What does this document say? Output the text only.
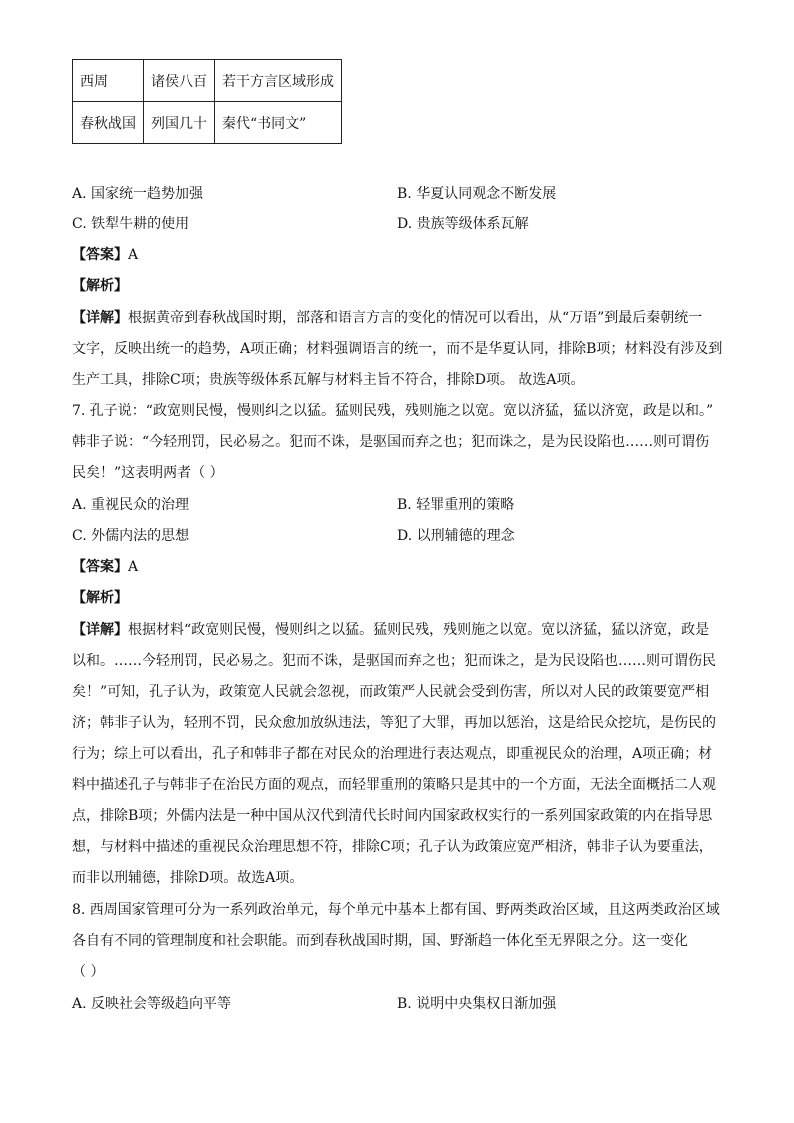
西周	诸侯八百	若干方言区域形成
春秋战国	列国几十	秦代“书同文”
A. 国家统一趋势加强	B. 华夏认同观念不断发展
C. 铁犁牛耕的使用	D. 贵族等级体系瓦解
【答案】A
【解析】
【详解】根据黄帝到春秋战国时期，部落和语言方言的变化的情况可以看出，从“万语”到最后秦朝统一
文字，反映出统一的趋势，A项正确；材料强调语言的统一，而不是华夏认同，排除B项；材料没有涉及到
生产工具，排除C项；贵族等级体系瓦解与材料主旨不符合，排除D项。 故选A项。
7. 孔子说：“政宽则民慢，慢则纠之以猛。猛则民残，残则施之以宽。宽以济猛，猛以济宽，政是以和。”
韩非子说：“今轻刑罚，民必易之。犯而不诛，是驱国而弃之也；犯而诛之，是为民设陷也……则可谓伤
民矣！”这表明两者（ ）
A. 重视民众的治理	B. 轻罪重刑的策略
C. 外儒内法的思想	D. 以刑辅德的理念
【答案】A
【解析】
【详解】根据材料“政宽则民慢，慢则纠之以猛。猛则民残，残则施之以宽。宽以济猛，猛以济宽，政是
以和。……今轻刑罚，民必易之。犯而不诛，是驱国而弃之也；犯而诛之，是为民设陷也……则可谓伤民
矣！”可知，孔子认为，政策宽人民就会忽视，而政策严人民就会受到伤害，所以对人民的政策要宽严相
济；韩非子认为，轻刑不罚，民众愈加放纵违法，等犯了大罪，再加以惩治，这是给民众挖坑，是伤民的
行为；综上可以看出，孔子和韩非子都在对民众的治理进行表达观点，即重视民众的治理，A项正确；材
料中描述孔子与韩非子在治民方面的观点，而轻罪重刑的策略只是其中的一个方面，无法全面概括二人观
点，排除B项；外儒内法是一种中国从汉代到清代长时间内国家政权实行的一系列国家政策的内在指导思
想，与材料中描述的重视民众治理思想不符，排除C项；孔子认为政策应宽严相济，韩非子认为要重法，
而非以刑辅德，排除D项。故选A项。
8. 西周国家管理可分为一系列政治单元，每个单元中基本上都有国、野两类政治区域，且这两类政治区域
各自有不同的管理制度和社会职能。而到春秋战国时期，国、野渐趋一体化至无界限之分。这一变化
（ ）
A. 反映社会等级趋向平等	B. 说明中央集权日渐加强
